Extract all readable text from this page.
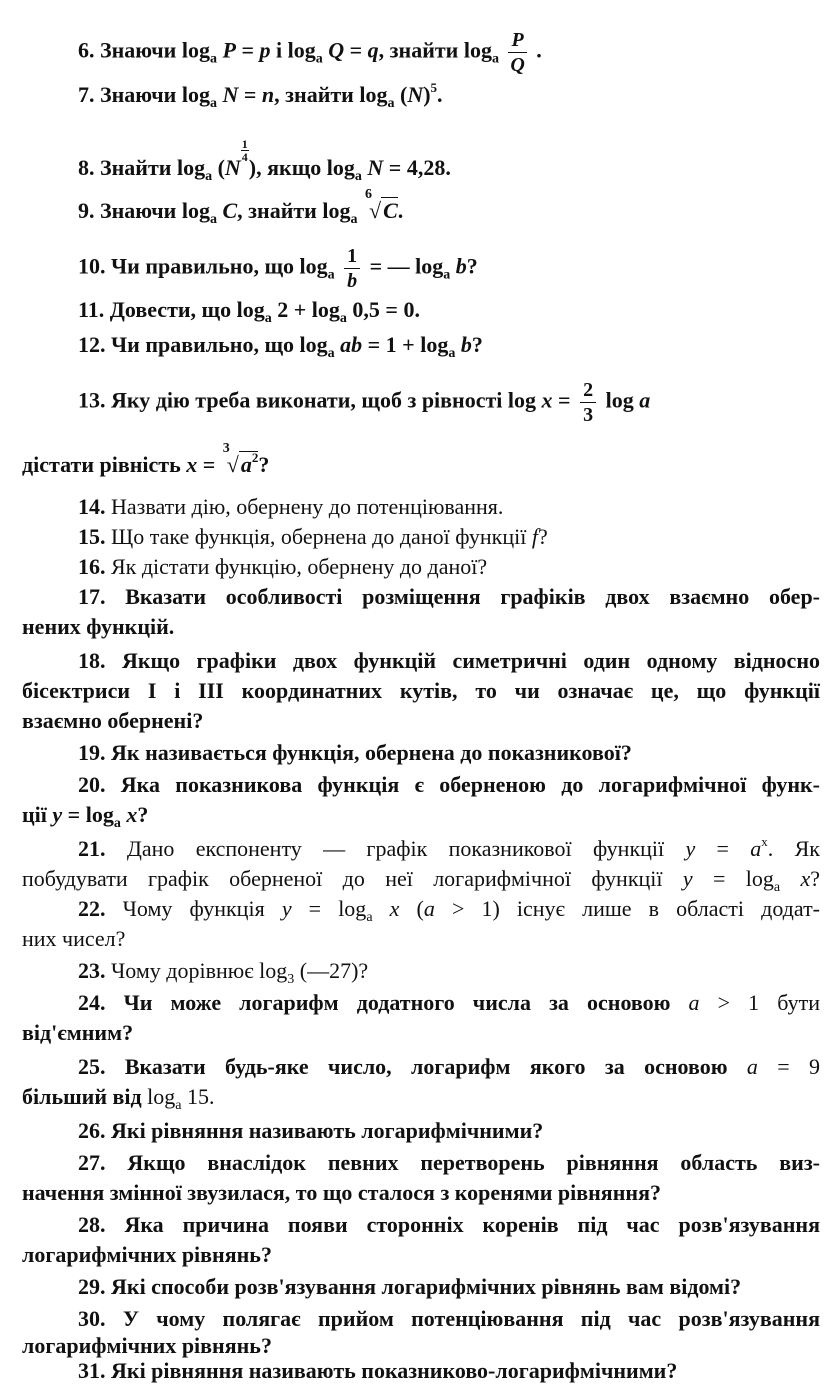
6. Знаючи $\log_a P = p$ і $\log_a Q = q$, знайти $\log_a \frac{P}{Q}$ .
7. Знаючи $\log_a N = n$, знайти $\log_a (N)^5$.
8. Знайти $\log_a (N$
$\frac{1}{4}$
), якщо $\log_a N = 4,28$.
9. Знаючи $\log_a C$, знайти $\log_a$
6
√C.
10. Чи правильно, що $\log_a \frac{1}{b}$ = — $\log_a b$?
11. Довести, що $\log_a 2 + \log_a 0,5 = 0$.
12. Чи правильно, що $\log_a$ ab = $1 + \log_a b$?
13. Яку дію треба виконати, щоб з рівності $\log x = \frac{2}{3}$ log a
дістати рівність x =
3
$√a^2$?
14. Назвати дію, обернену до потенціювання.
15. Що таке функція, обернена до даної функції f?
16. Як дістати функцію, обернену до даної?
17. Вказати особливості розміщення графіків двох взаємно обер-
нених функцій.
18. Якщо графіки двох функцій симетричні один одному відносно
бісектриси І і ІІІ координатних кутів, то чи означає це, що функції
взаємно обернені?
19. Як називається функція, обернена до показникової?
20. Яка показникова функція є оберненою до логарифмічної функ-
ції $y = \log_a x$?
21. Дано експоненту — графік показникової функції $y = a^x$. Як
побудувати графік оберненої до неї логарифмічної функції $y = \log_a x$?
22. Чому функція $y = \log_a x$ (a > 1) існує лише в області додат-
них чисел?
23. Чому дорівнює $\log_3$ (—27)?
24. Чи може логарифм додатного числа за основою a > 1 бути
від'ємним?
25. Вказати будь-яке число, логарифм якого за основою a = 9
більший від $\log_a 15$.
26. Які рівняння називають логарифмічними?
27. Якщо внаслідок певних перетворень рівняння область виз-
начення змінної звузилася, то що сталося з коренями рівняння?
28. Яка причина появи сторонніх коренів під час розв'язування
логарифмічних рівнянь?
29. Які способи розв'язування логарифмічних рівнянь вам відомі?
30. У чому полягає прийом потенціювання під час розв'язування
логарифмічних рівнянь?
31. Які рівняння називають показниково-логарифмічними?
